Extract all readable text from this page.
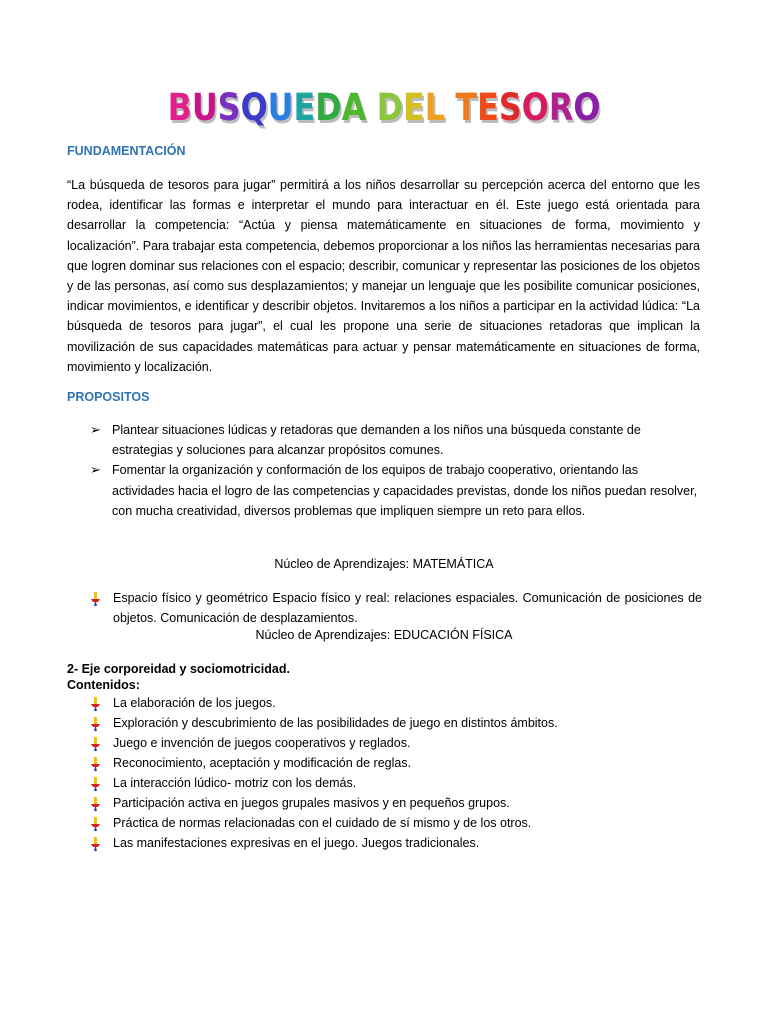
BUSQUEDA DEL TESORO
FUNDAMENTACIÓN
“La búsqueda de tesoros para jugar” permitirá a los niños desarrollar su percepción acerca del entorno que les rodea, identificar las formas e interpretar el mundo para interactuar en él. Este juego está orientada para desarrollar la competencia: “Actúa y piensa matemáticamente en situaciones de forma, movimiento y localización”. Para trabajar esta competencia, debemos proporcionar a los niños las herramientas necesarias para que logren dominar sus relaciones con el espacio; describir, comunicar y representar las posiciones de los objetos y de las personas, así como sus desplazamientos; y manejar un lenguaje que les posibilite comunicar posiciones, indicar movimientos, e identificar y describir objetos. Invitaremos a los niños a participar en la actividad lúdica: “La búsqueda de tesoros para jugar”, el cual les propone una serie de situaciones retadoras que implican la movilización de sus capacidades matemáticas para actuar y pensar matemáticamente en situaciones de forma, movimiento y localización.
PROPOSITOS
➢ Plantear situaciones lúdicas y retadoras que demanden a los niños una búsqueda constante de estrategias y soluciones para alcanzar propósitos comunes.
➢ Fomentar la organización y conformación de los equipos de trabajo cooperativo, orientando las actividades hacia el logro de las competencias y capacidades previstas, donde los niños puedan resolver, con mucha creatividad, diversos problemas que impliquen siempre un reto para ellos.
Núcleo de Aprendizajes: MATEMÁTICA
Espacio físico y geométrico Espacio físico y real: relaciones espaciales. Comunicación de posiciones de objetos. Comunicación de desplazamientos.
Núcleo de Aprendizajes: EDUCACIÓN FÍSICA
2- Eje corporeidad y sociomotricidad.
Contenidos:
La elaboración de los juegos.
Exploración y descubrimiento de las posibilidades de juego en distintos ámbitos.
Juego e invención de juegos cooperativos y reglados.
Reconocimiento, aceptación y modificación de reglas.
La interacción lúdico- motriz con los demás.
Participación activa en juegos grupales masivos y en pequeños grupos.
Práctica de normas relacionadas con el cuidado de sí mismo y de los otros.
Las manifestaciones expresivas en el juego. Juegos tradicionales.
